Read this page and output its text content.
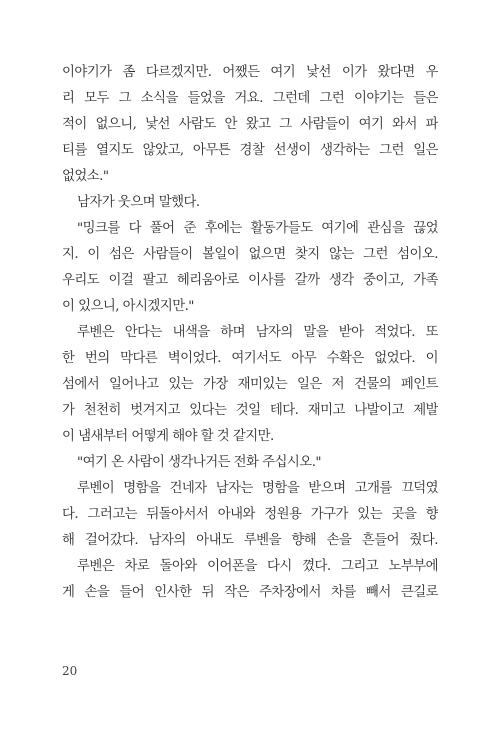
이야기가 좀 다르겠지만. 어쨌든 여기 낯선 이가 왔다면 우
리 모두 그 소식을 들었을 거요. 그런데 그런 이야기는 들은
적이 없으니, 낯선 사람도 안 왔고 그 사람들이 여기 와서 파
티를 열지도 않았고, 아무튼 경찰 선생이 생각하는 그런 일은
없었소."
남자가 웃으며 말했다.
"밍크를 다 풀어 준 후에는 활동가들도 여기에 관심을 끊었
지. 이 섬은 사람들이 볼일이 없으면 찾지 않는 그런 섬이오.
우리도 이걸 팔고 헤리움아로 이사를 갈까 생각 중이고, 가족
이 있으니, 아시겠지만."
루벤은 안다는 내색을 하며 남자의 말을 받아 적었다. 또
한 번의 막다른 벽이었다. 여기서도 아무 수확은 없었다. 이
섬에서 일어나고 있는 가장 재미있는 일은 저 건물의 페인트
가 천천히 벗겨지고 있다는 것일 테다. 재미고 나발이고 제발
이 냄새부터 어떻게 해야 할 것 같지만.
"여기 온 사람이 생각나거든 전화 주십시오."
루벤이 명함을 건네자 남자는 명함을 받으며 고개를 끄덕였
다. 그러고는 뒤돌아서서 아내와 정원용 가구가 있는 곳을 향
해 걸어갔다. 남자의 아내도 루벤을 향해 손을 흔들어 줬다.
루벤은 차로 돌아와 이어폰을 다시 꼈다. 그리고 노부부에
게 손을 들어 인사한 뒤 작은 주차장에서 차를 빼서 큰길로
20
